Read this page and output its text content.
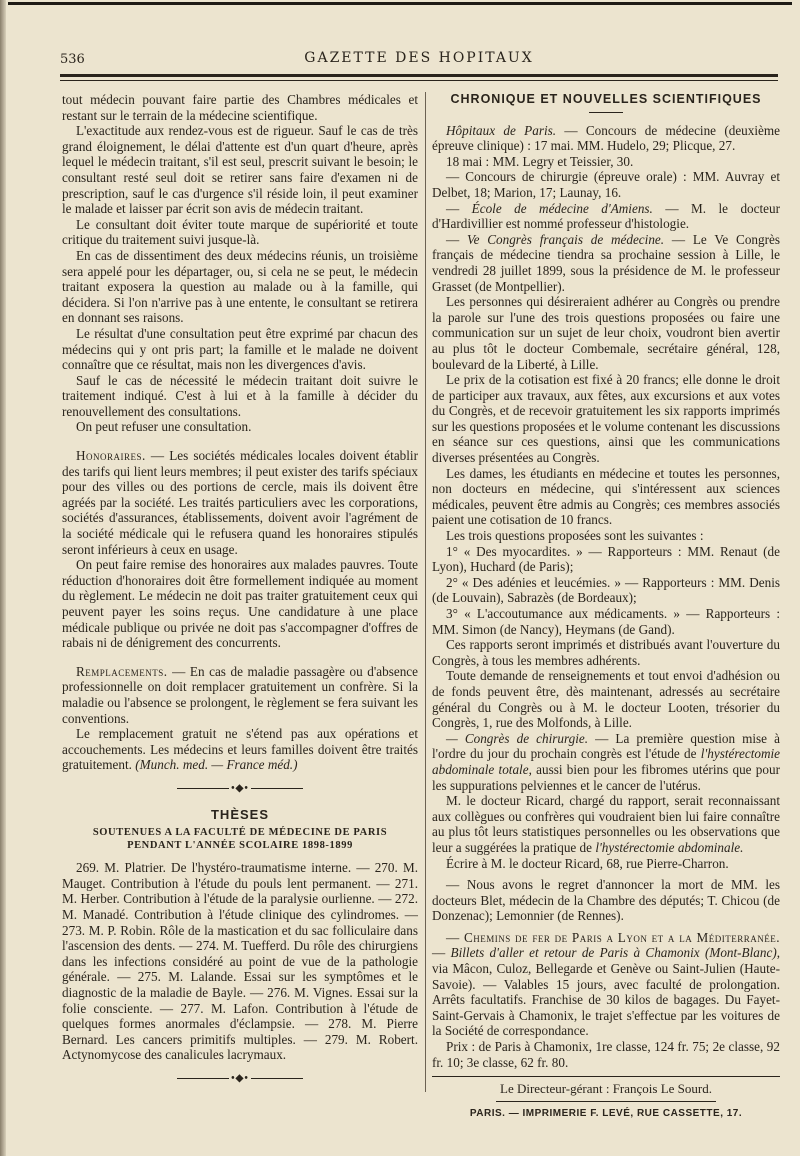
536	GAZETTE DES HOPITAUX

tout médecin pouvant faire partie des Chambres médicales et restant sur le terrain de la médecine scientifique.

L'exactitude aux rendez-vous est de rigueur. Sauf le cas de très grand éloignement, le délai d'attente est d'un quart d'heure, après lequel le médecin traitant, s'il est seul, prescrit suivant le besoin; le consultant resté seul doit se retirer sans faire d'examen ni de prescription, sauf le cas d'urgence s'il réside loin, il peut examiner le malade et laisser par écrit son avis de médecin traitant.

Le consultant doit éviter toute marque de supériorité et toute critique du traitement suivi jusque-là.

En cas de dissentiment des deux médecins réunis, un troisième sera appelé pour les départager, ou, si cela ne se peut, le médecin traitant exposera la question au malade ou à la famille, qui décidera. Si l'on n'arrive pas à une entente, le consultant se retirera en donnant ses raisons.

Le résultat d'une consultation peut être exprimé par chacun des médecins qui y ont pris part; la famille et le malade ne doivent connaître que ce résultat, mais non les divergences d'avis.

Sauf le cas de nécessité le médecin traitant doit suivre le traitement indiqué. C'est à lui et à la famille à décider du renouvellement des consultations.

On peut refuser une consultation.

Honoraires. — Les sociétés médicales locales doivent établir des tarifs qui lient leurs membres; il peut exister des tarifs spéciaux pour des villes ou des portions de cercle, mais ils doivent être agréés par la société. Les traités particuliers avec les corporations, sociétés d'assurances, établissements, doivent avoir l'agrément de la société médicale qui le refusera quand les honoraires stipulés seront inférieurs à ceux en usage.

On peut faire remise des honoraires aux malades pauvres. Toute réduction d'honoraires doit être formellement indiquée au moment du règlement. Le médecin ne doit pas traiter gratuitement ceux qui peuvent payer les soins reçus. Une candidature à une place médicale publique ou privée ne doit pas s'accompagner d'offres de rabais ni de dénigrement des concurrents.

Remplacements. — En cas de maladie passagère ou d'absence professionnelle on doit remplacer gratuitement un confrère. Si la maladie ou l'absence se prolongent, le règlement se fera suivant les conventions.

Le remplacement gratuit ne s'étend pas aux opérations et accouchements. Les médecins et leurs familles doivent être traités gratuitement. (Munch. med. — France méd.)

•◆•
THÈSES
SOUTENUES A LA FACULTÉ DE MÉDECINE DE PARIS
PENDANT L'ANNÉE SCOLAIRE 1898-1899

269. M. Platrier. De l'hystéro-traumatisme interne. — 270. M. Mauget. Contribution à l'étude du pouls lent permanent. — 271. M. Herber. Contribution à l'étude de la paralysie ourlienne. — 272. M. Manadé. Contribution à l'étude clinique des cylindromes. — 273. M. P. Robin. Rôle de la mastication et du sac folliculaire dans l'ascension des dents. — 274. M. Tuefferd. Du rôle des chirurgiens dans les infections considéré au point de vue de la pathologie générale. — 275. M. Lalande. Essai sur les symptômes et le diagnostic de la maladie de Bayle. — 276. M. Vignes. Essai sur la folie consciente. — 277. M. Lafon. Contribution à l'étude de quelques formes anormales d'éclampsie. — 278. M. Pierre Bernard. Les cancers primitifs multiples. — 279. M. Robert. Actynomycose des canalicules lacrymaux.

•◆•
CHRONIQUE ET NOUVELLES SCIENTIFIQUES

Hôpitaux de Paris. — Concours de médecine (deuxième épreuve clinique) : 17 mai. MM. Hudelo, 29; Plicque, 27.

18 mai : MM. Legry et Teissier, 30.

— Concours de chirurgie (épreuve orale) : MM. Auvray et Delbet, 18; Marion, 17; Launay, 16.

— École de médecine d'Amiens. — M. le docteur d'Hardivillier est nommé professeur d'histologie.

— Ve Congrès français de médecine. — Le Ve Congrès français de médecine tiendra sa prochaine session à Lille, le vendredi 28 juillet 1899, sous la présidence de M. le professeur Grasset (de Montpellier).

Les personnes qui désireraient adhérer au Congrès ou prendre la parole sur l'une des trois questions proposées ou faire une communication sur un sujet de leur choix, voudront bien avertir au plus tôt le docteur Combemale, secrétaire général, 128, boulevard de la Liberté, à Lille.

Le prix de la cotisation est fixé à 20 francs; elle donne le droit de participer aux travaux, aux fêtes, aux excursions et aux votes du Congrès, et de recevoir gratuitement les six rapports imprimés sur les questions proposées et le volume contenant les discussions en séance sur ces questions, ainsi que les communications diverses présentées au Congrès.

Les dames, les étudiants en médecine et toutes les personnes, non docteurs en médecine, qui s'intéressent aux sciences médicales, peuvent être admis au Congrès; ces membres associés paient une cotisation de 10 francs.

Les trois questions proposées sont les suivantes :

1° « Des myocardites. » — Rapporteurs : MM. Renaut (de Lyon), Huchard (de Paris);

2° « Des adénies et leucémies. » — Rapporteurs : MM. Denis (de Louvain), Sabrazès (de Bordeaux);

3° « L'accoutumance aux médicaments. » — Rapporteurs : MM. Simon (de Nancy), Heymans (de Gand).

Ces rapports seront imprimés et distribués avant l'ouverture du Congrès, à tous les membres adhérents.

Toute demande de renseignements et tout envoi d'adhésion ou de fonds peuvent être, dès maintenant, adressés au secrétaire général du Congrès ou à M. le docteur Looten, trésorier du Congrès, 1, rue des Molfonds, à Lille.

— Congrès de chirurgie. — La première question mise à l'ordre du jour du prochain congrès est l'étude de l'hystérectomie abdominale totale, aussi bien pour les fibromes utérins que pour les suppurations pelviennes et le cancer de l'utérus.

M. le docteur Ricard, chargé du rapport, serait reconnaissant aux collègues ou confrères qui voudraient bien lui faire connaître au plus tôt leurs statistiques personnelles ou les observations que leur a suggérées la pratique de l'hystérectomie abdominale.

Écrire à M. le docteur Ricard, 68, rue Pierre-Charron.

— Nous avons le regret d'annoncer la mort de MM. les docteurs Blet, médecin de la Chambre des députés; T. Chicou (de Donzenac); Lemonnier (de Rennes).

— Chemins de fer de Paris a Lyon et a la Méditerranée. — Billets d'aller et retour de Paris à Chamonix (Mont-Blanc), via Mâcon, Culoz, Bellegarde et Genève ou Saint-Julien (Haute-Savoie). — Valables 15 jours, avec faculté de prolongation. Arrêts facultatifs. Franchise de 30 kilos de bagages. Du Fayet-Saint-Gervais à Chamonix, le trajet s'effectue par les voitures de la Société de correspondance.

Prix : de Paris à Chamonix, 1re classe, 124 fr. 75; 2e classe, 92 fr. 10; 3e classe, 62 fr. 80.

Le Directeur-gérant : François Le Sourd.
PARIS. — IMPRIMERIE F. LEVÉ, RUE CASSETTE, 17.
